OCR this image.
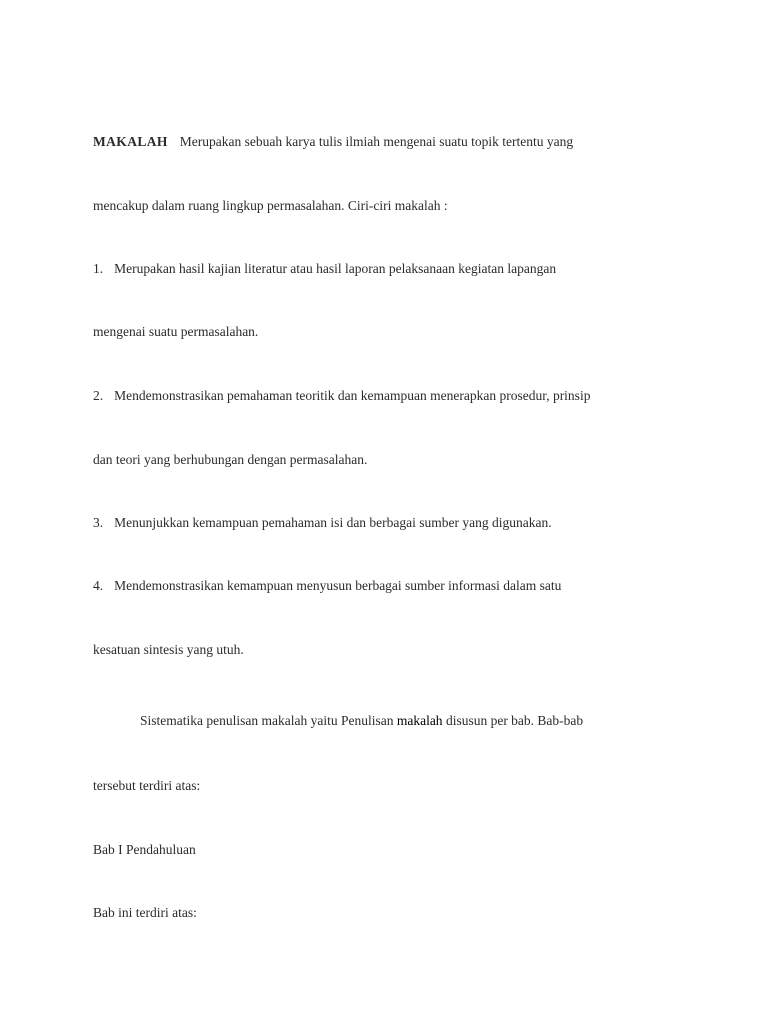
MAKALAH Merupakan sebuah karya tulis ilmiah mengenai suatu topik tertentu yang

mencakup dalam ruang lingkup permasalahan. Ciri-ciri makalah :

1. Merupakan hasil kajian literatur atau hasil laporan pelaksanaan kegiatan lapangan

mengenai suatu permasalahan.

2. Mendemonstrasikan pemahaman teoritik dan kemampuan menerapkan prosedur, prinsip

dan teori yang berhubungan dengan permasalahan.

3. Menunjukkan kemampuan pemahaman isi dan berbagai sumber yang digunakan.

4. Mendemonstrasikan kemampuan menyusun berbagai sumber informasi dalam satu

kesatuan sintesis yang utuh.

Sistematika penulisan makalah yaitu Penulisan makalah disusun per bab. Bab-bab

tersebut terdiri atas:

Bab I Pendahuluan

Bab ini terdiri atas:
